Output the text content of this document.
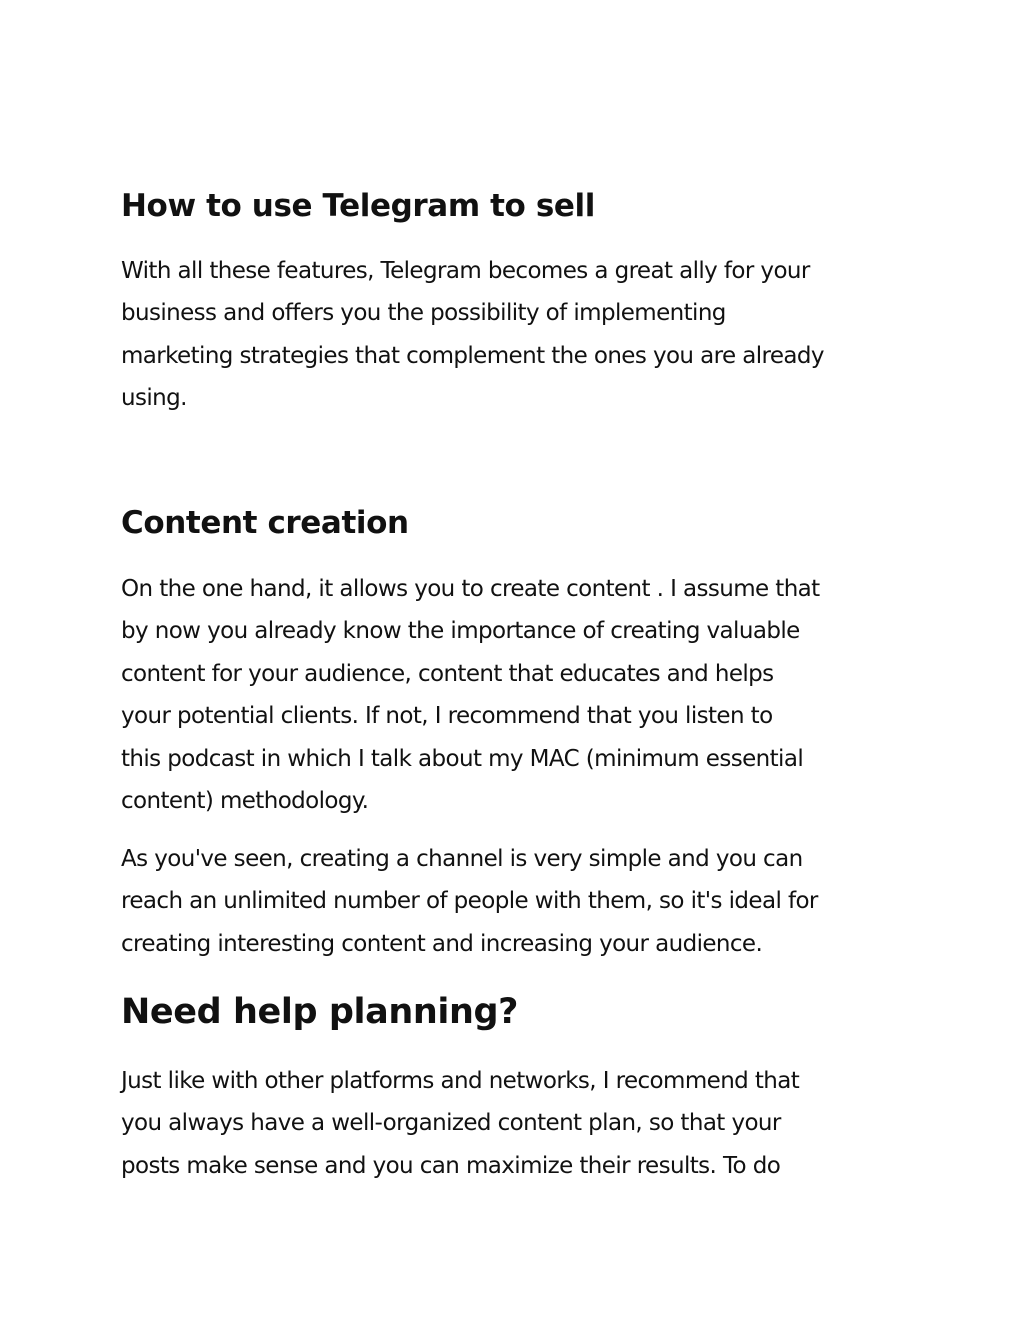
How to use Telegram to sell

With all these features, Telegram becomes a great ally for your
business and offers you the possibility of implementing
marketing strategies that complement the ones you are already
using.

Content creation

On the one hand, it allows you to create content . I assume that
by now you already know the importance of creating valuable
content for your audience, content that educates and helps
your potential clients. If not, I recommend that you listen to
this podcast in which I talk about my MAC (minimum essential
content) methodology.

As you've seen, creating a channel is very simple and you can
reach an unlimited number of people with them, so it's ideal for
creating interesting content and increasing your audience.

Need help planning?

Just like with other platforms and networks, I recommend that
you always have a well-organized content plan, so that your
posts make sense and you can maximize their results. To do
